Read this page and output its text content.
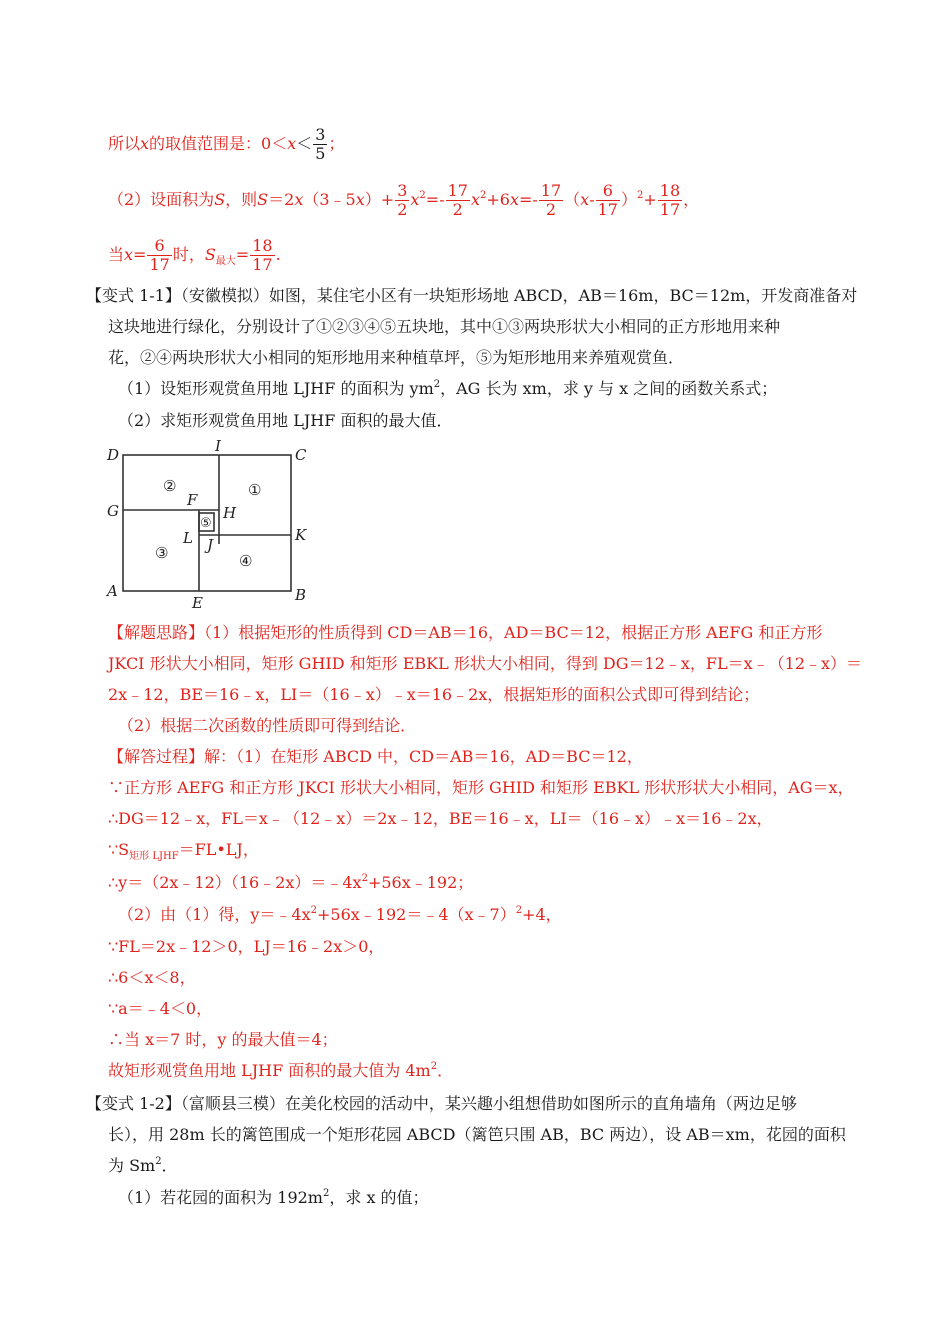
所以x的取值范围是：$0<x< \frac{3}{5}$ ；
（2）设面积为S，则S＝2x（3﹣5x）+ $\frac{3}{2} x^2=- \frac{17}{2} x^2+6x=- \frac{17}{2} (x- \frac{6}{17} )^2+ \frac{18}{17}$ ，
当$x= \frac{6}{17}$ 时，$S_{最大}= \frac{18}{17}$ .
【变式 1-1】（安徽模拟）如图，某住宅小区有一块矩形场地 ABCD，AB＝16m，BC＝12m，开发商准备对
这块地进行绿化，分别设计了①②③④⑤五块地，其中①③两块形状大小相同的正方形地用来种
花，②④两块形状大小相同的矩形地用来种植草坪，⑤为矩形地用来养殖观赏鱼．
（1）设矩形观赏鱼用地 LJHF 的面积为 $ym^2$，AG 长为 xm，求 y 与 x 之间的函数关系式；
（2）求矩形观赏鱼用地 LJHF 面积的最大值．
D	I	C
G
F
H
K
L J
A
E	B
①
②
③	④
⑤
【解题思路】（1）根据矩形的性质得到 CD＝AB＝16，AD＝BC＝12，根据正方形 AEFG 和正方形
JKCI 形状大小相同，矩形 GHID 和矩形 EBKL 形状大小相同，得到 DG＝12﹣x，FL＝x﹣（12﹣x）＝
2x﹣12，BE＝16﹣x，LI＝（16﹣x）﹣x＝16﹣2x，根据矩形的面积公式即可得到结论；
（2）根据二次函数的性质即可得到结论．
【解答过程】解：（1）在矩形 ABCD 中，CD＝AB＝16，AD＝BC＝12，
∵正方形 AEFG 和正方形 JKCI 形状大小相同，矩形 GHID 和矩形 EBKL 形状形状大小相同，AG＝x，
∴DG＝12﹣x，FL＝x﹣（12﹣x）＝2x﹣12，BE＝16﹣x，LI＝（16﹣x）﹣x＝16﹣2x，
$\because S_{矩形 LJHF}=FL•LJ$，
$\therefore y=(2x﹣12)(16﹣2x)=﹣4x^2+56x﹣192$；
（2）由（1）得，$y=﹣4x^2+56x﹣192=﹣4(x﹣7)^2+4$，
∵FL＝2x﹣12＞0，LJ＝16﹣2x＞0，
∴6＜x＜8，
∵a＝﹣4＜0，
∴当 x＝7 时，y 的最大值＝4；
故矩形观赏鱼用地 LJHF 面积的最大值为 $4m^2$．
【变式 1-2】（富顺县三模）在美化校园的活动中，某兴趣小组想借助如图所示的直角墙角（两边足够
长），用 28m 长的篱笆围成一个矩形花园 ABCD（篱笆只围 AB，BC 两边），设 AB＝xm，花园的面积
为 Sm$^2$．
（1）若花园的面积为 $192m^2$，求 x 的值；
